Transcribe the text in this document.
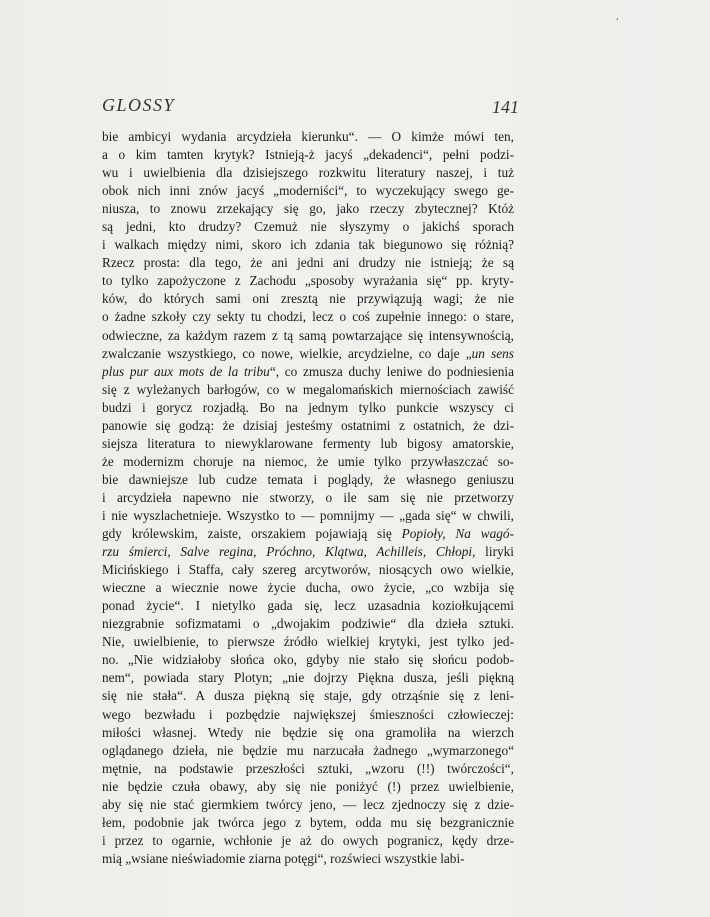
,
GLOSSY	141
bie ambicyi wydania arcydzieła kierunku“. — O kimże mówi ten,
a o kim tamten krytyk? Istnieją-ż jacyś „dekadenci“, pełni podzi-
wu i uwielbienia dla dzisiejszego rozkwitu literatury naszej, i tuż
obok nich inni znów jacyś „moderniści“, to wyczekujący swego ge-
niusza, to znowu zrzekający się go, jako rzeczy zbytecznej? Któż
są jedni, kto drudzy? Czemuż nie słyszymy o jakichś sporach
i walkach między nimi, skoro ich zdania tak biegunowo się różnią?
Rzecz prosta: dla tego, że ani jedni ani drudzy nie istnieją; że są
to tylko zapożyczone z Zachodu „sposoby wyrażania się“ pp. kryty-
ków, do których sami oni zresztą nie przywiązują wagi; że nie
o żadne szkoły czy sekty tu chodzi, lecz o coś zupełnie innego: o stare,
odwieczne, za każdym razem z tą samą powtarzające się intensywnością,
zwalczanie wszystkiego, co nowe, wielkie, arcydzielne, co daje „un sens
plus pur aux mots de la tribu“, co zmusza duchy leniwe do podniesienia
się z wyleżanych barłogów, co w megalomańskich miernościach zawiść
budzi i gorycz rozjadłą. Bo na jednym tylko punkcie wszyscy ci
panowie się godzą: że dzisiaj jesteśmy ostatnimi z ostatnich, że dzi-
siejsza literatura to niewyklarowane fermenty lub bigosy amatorskie,
że modernizm choruje na niemoc, że umie tylko przywłaszczać so-
bie dawniejsze lub cudze temata i poglądy, że własnego geniuszu
i arcydzieła napewno nie stworzy, o ile sam się nie przetworzy
i nie wyszlachetnieje. Wszystko to — pomnijmy — „gada się“ w chwili,
gdy królewskim, zaiste, orszakiem pojawiają się Popioły, Na wagó-
rzu śmierci, Salve regina, Próchno, Klątwa, Achilleis, Chłopi, liryki
Micińskiego i Staffa, cały szereg arcytworów, niosących owo wielkie,
wieczne a wiecznie nowe życie ducha, owo życie, „co wzbija się
ponad życie“. I nietylko gada się, lecz uzasadnia koziołkującemi
niezgrabnie sofizmatami o „dwojakim podziwie“ dla dzieła sztuki.
Nie, uwielbienie, to pierwsze źródło wielkiej krytyki, jest tylko jed-
no. „Nie widziałoby słońca oko, gdyby nie stało się słońcu podob-
nem“, powiada stary Plotyn; „nie dojrzy Piękna dusza, jeśli piękną
się nie stała“. A dusza piękną się staje, gdy otrząśnie się z leni-
wego bezwładu i pozbędzie największej śmieszności człowieczej:
miłości własnej. Wtedy nie będzie się ona gramoliła na wierzch
oglądanego dzieła, nie będzie mu narzucała żadnego „wymarzonego“
mętnie, na podstawie przeszłości sztuki, „wzoru (!!) twórczości“,
nie będzie czuła obawy, aby się nie poniżyć (!) przez uwielbienie,
aby się nie stać giermkiem twórcy jeno, — lecz zjednoczy się z dzie-
łem, podobnie jak twórca jego z bytem, odda mu się bezgranicznie
i przez to ogarnie, wchłonie je aż do owych pogranicz, kędy drze-
mią „wsiane nieświadomie ziarna potęgi“, rozświeci wszystkie labi-
